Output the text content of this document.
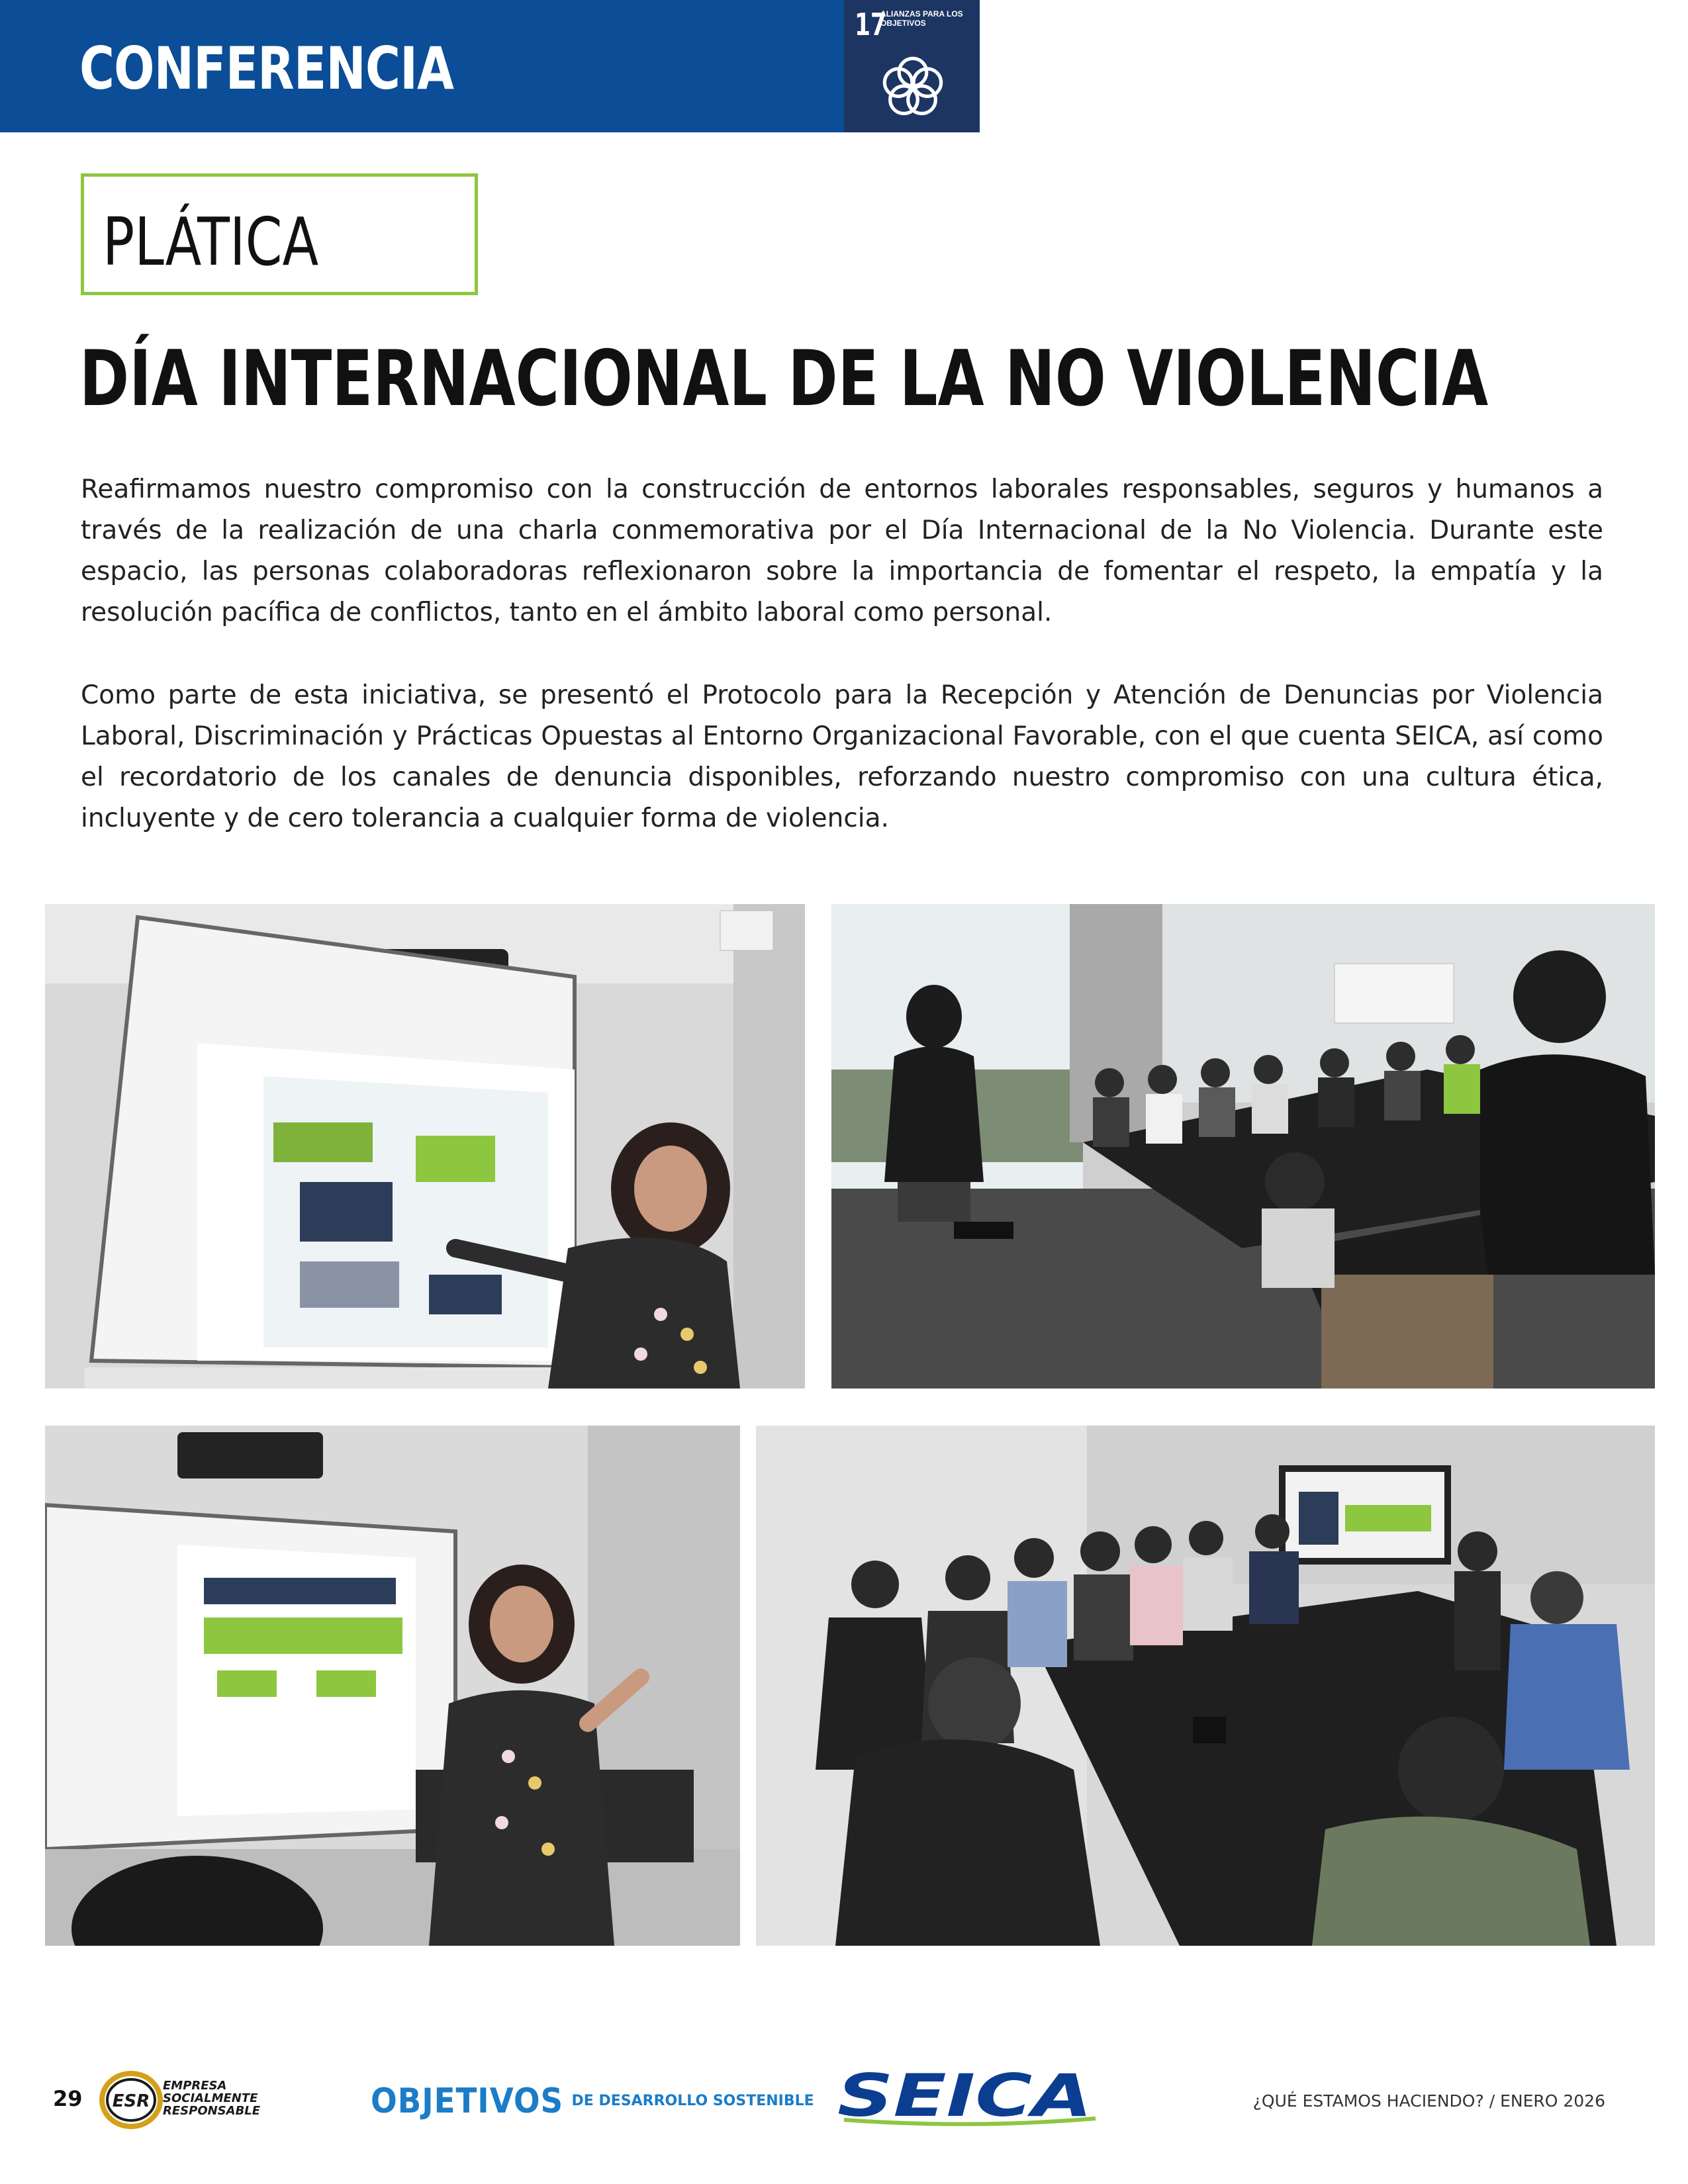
CONFERENCIA
17
ALIANZAS PARA LOS OBJETIVOS
PLÁTICA
DÍA INTERNACIONAL DE LA NO VIOLENCIA

Reafirmamos nuestro compromiso con la construcción de entornos laborales responsables, seguros y humanos a través de la realización de una charla conmemorativa por el Día Internacional de la No Violencia. Durante este espacio, las personas colaboradoras reflexionaron sobre la importancia de fomentar el respeto, la empatía y la resolución pacífica de conflictos, tanto en el ámbito laboral como personal.

Como parte de esta iniciativa, se presentó el Protocolo para la Recepción y Atención de Denuncias por Violencia Laboral, Discriminación y Prácticas Opuestas al Entorno Organizacional Favorable, con el que cuenta SEICA, así como el recordatorio de los canales de denuncia disponibles, reforzando nuestro compromiso con una cultura ética, incluyente y de cero tolerancia a cualquier forma de violencia.

29 ESR
EMPRESA SOCIALMENTE RESPONSABLE	OBJETIVOS DE DESARROLLO SOSTENIBLE SEICA	¿QUÉ ESTAMOS HACIENDO? / ENERO 2026
